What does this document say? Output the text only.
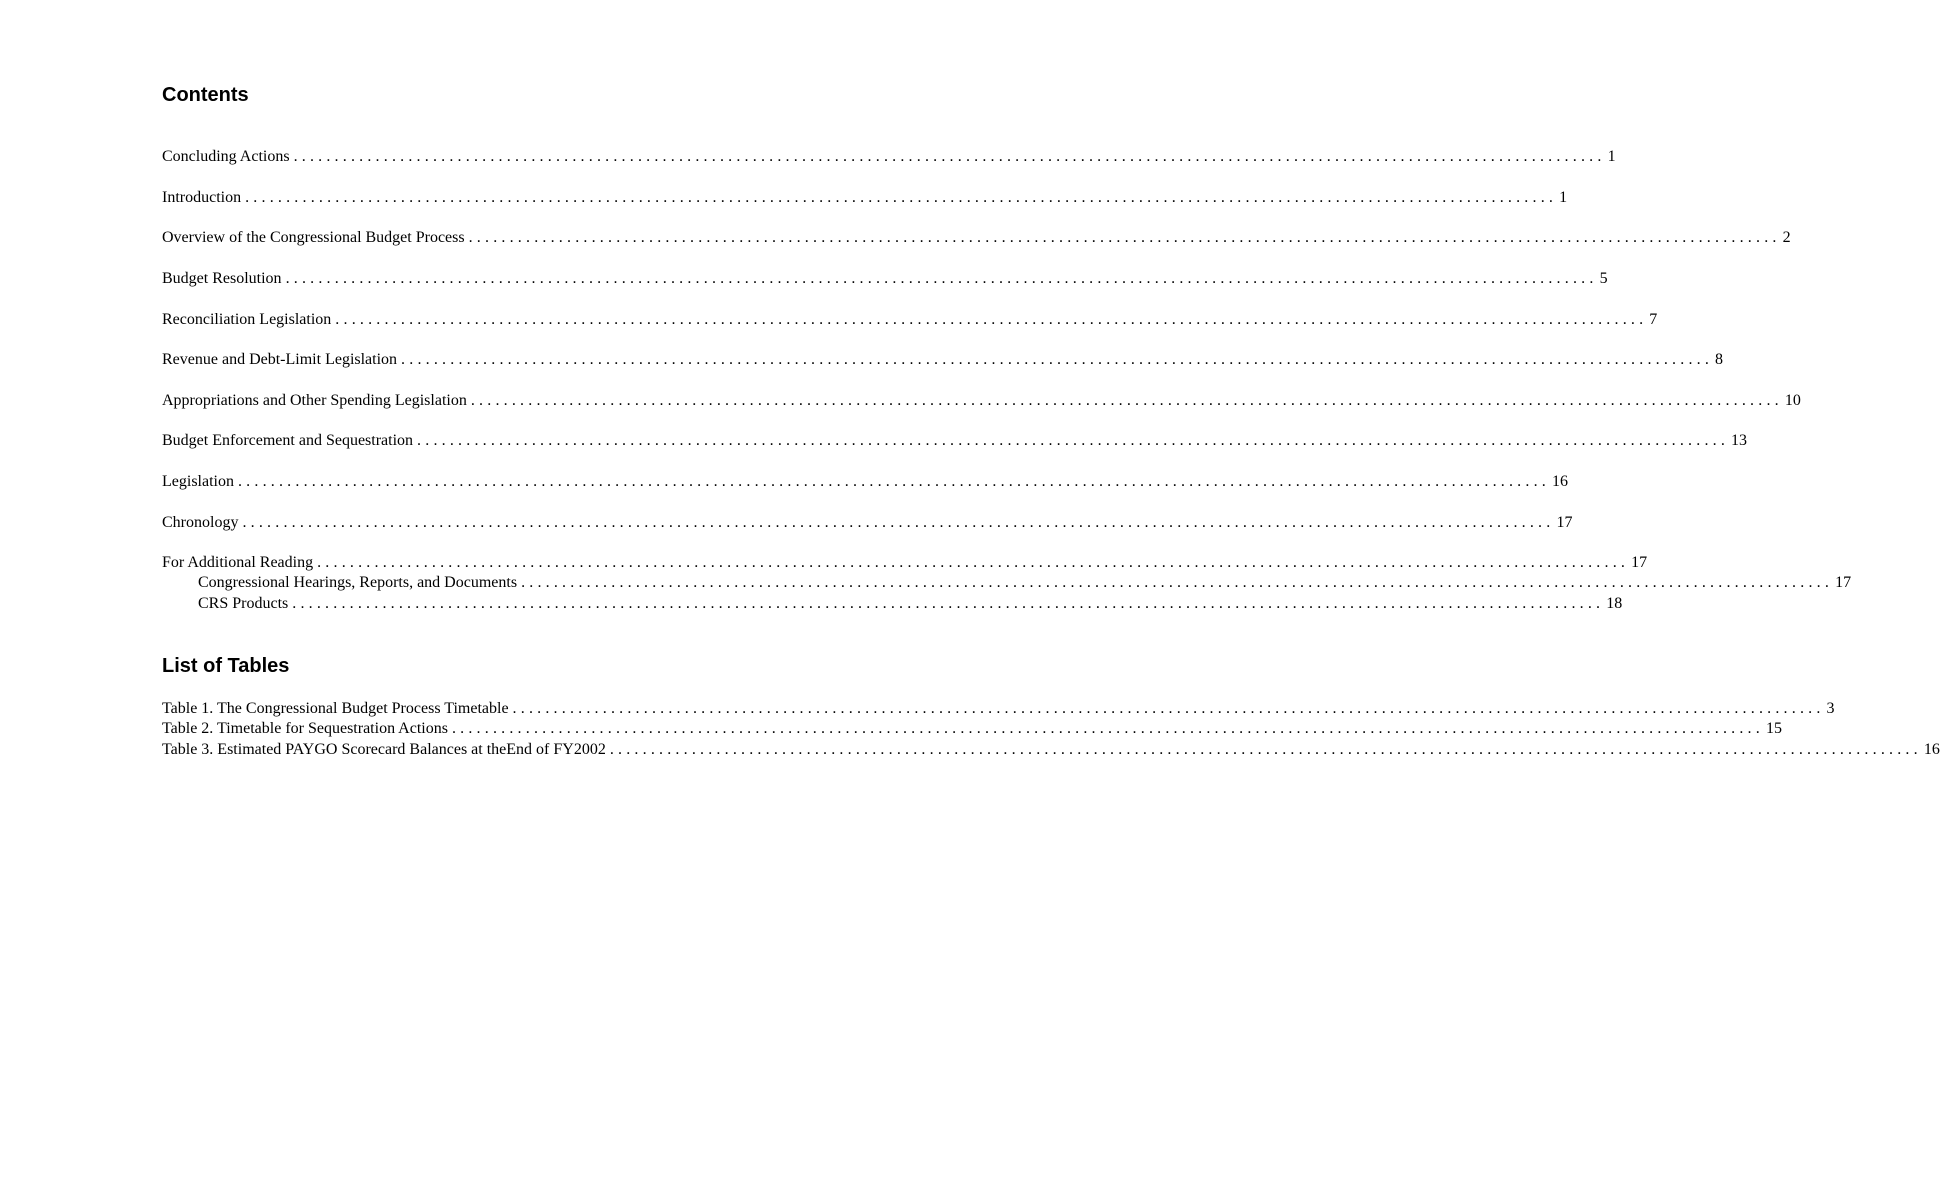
Contents
Concluding Actions ................................................................................................................................................................ 1
Introduction ................................................................................................................................................................ 1
Overview of the Congressional Budget Process ................................................................................................................................................................ 2
Budget Resolution ................................................................................................................................................................ 5
Reconciliation Legislation ................................................................................................................................................................ 7
Revenue and Debt-Limit Legislation ................................................................................................................................................................ 8
Appropriations and Other Spending Legislation ................................................................................................................................................................ 10
Budget Enforcement and Sequestration ................................................................................................................................................................ 13
Legislation ................................................................................................................................................................ 16
Chronology ................................................................................................................................................................ 17
For Additional Reading ................................................................................................................................................................ 17
Congressional Hearings, Reports, and Documents ................................................................................................................................................................ 17
CRS Products ................................................................................................................................................................ 18
List of Tables
Table 1. The Congressional Budget Process Timetable ................................................................................................................................................................ 3
Table 2. Timetable for Sequestration Actions ................................................................................................................................................................ 15
Table 3. Estimated PAYGO Scorecard Balances at theEnd of FY2002 ................................................................................................................................................................ 16
